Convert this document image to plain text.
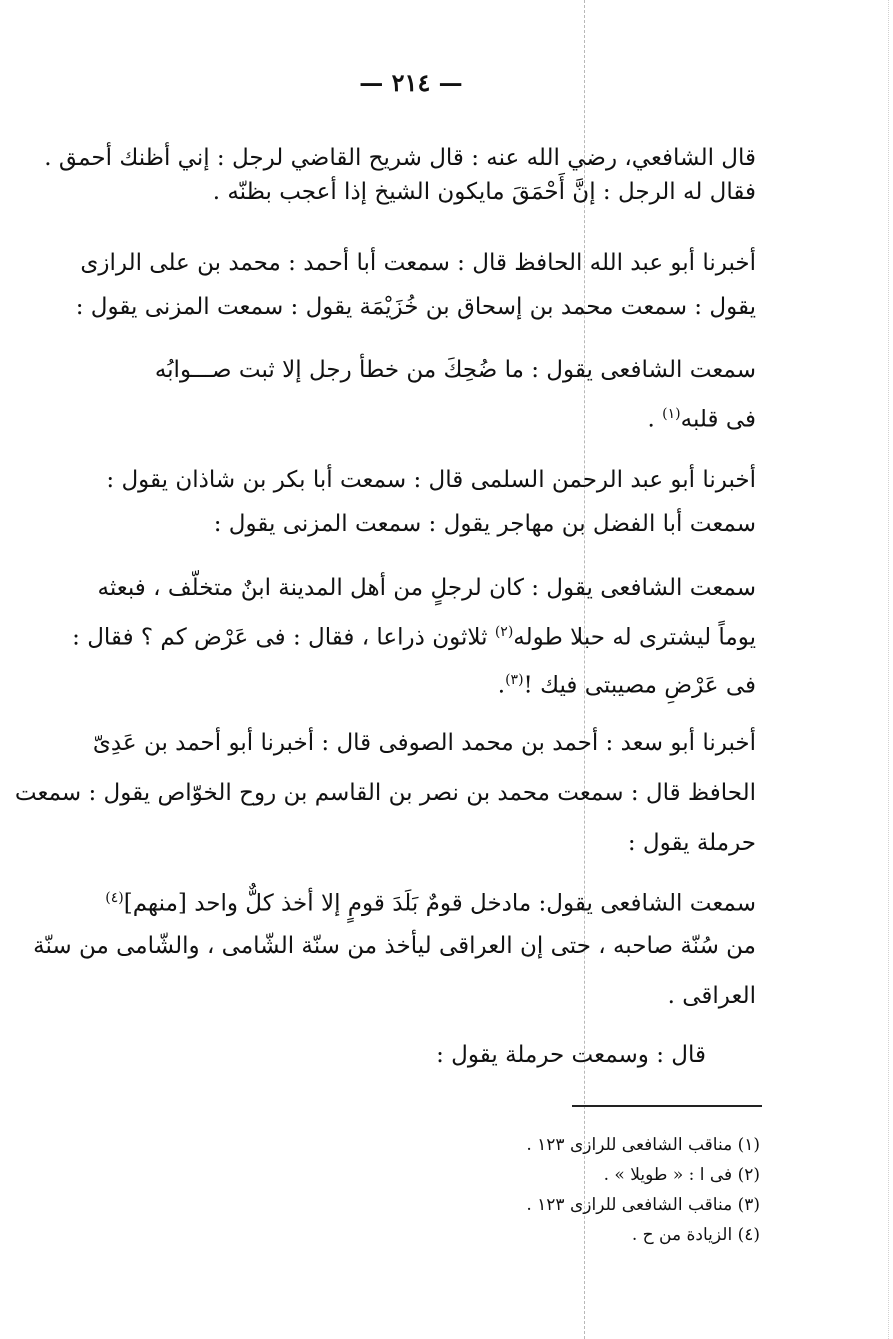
— ٢١٤ —
قال الشافعي، رضي الله عنه : قال شريح القاضي لرجل : إني أظنك أحمق .
فقال له الرجل : إنَّ أَحْمَقَ مايكون الشيخ إذا أعجب بظنّه .
أخبرنا أبو عبد الله الحافظ قال : سمعت أبا أحمد : محمد بن على الرازى
يقول : سمعت محمد بن إسحاق بن خُزَيْمَة يقول : سمعت المزنى يقول :
سمعت الشافعى يقول : ما ضُحِكَ من خطأ رجل إلا ثبت صـــوابُه
فى قلبه$^{(١)}$ .
أخبرنا أبو عبد الرحمن السلمى قال : سمعت أبا بكر بن شاذان يقول :
سمعت أبا الفضل بن مهاجر يقول : سمعت المزنى يقول :
سمعت الشافعى يقول : كان لرجلٍ من أهل المدينة ابنٌ متخلّف ، فبعثه
يوماً ليشترى له حبلا طوله$^{(٢)}$ ثلاثون ذراعا ، فقال : فى عَرْض كم ؟ فقال :
فى عَرْضِ مصيبتى فيك !$^{(٣)}$.
أخبرنا أبو سعد : أحمد بن محمد الصوفى قال : أخبرنا أبو أحمد بن عَدِىّ
الحافظ قال : سمعت محمد بن نصر بن القاسم بن روح الخوّاص يقول : سمعت
حرملة يقول :
سمعت الشافعى يقول: مادخل قومٌ بَلَدَ قومٍ إلا أخذ كلٌّ واحد [منهم]$^{(٤)}$
من سُنّة صاحبه ، حتى إن العراقى ليأخذ من سنّة الشّامى ، والشّامى من سنّة
العراقى .
قال : وسمعت حرملة يقول :
(١) مناقب الشافعى للرازى ١٢٣ .
(٢) فى ا : « طويلا » .
(٣) مناقب الشافعى للرازى ١٢٣ .
(٤) الزيادة من ح .
